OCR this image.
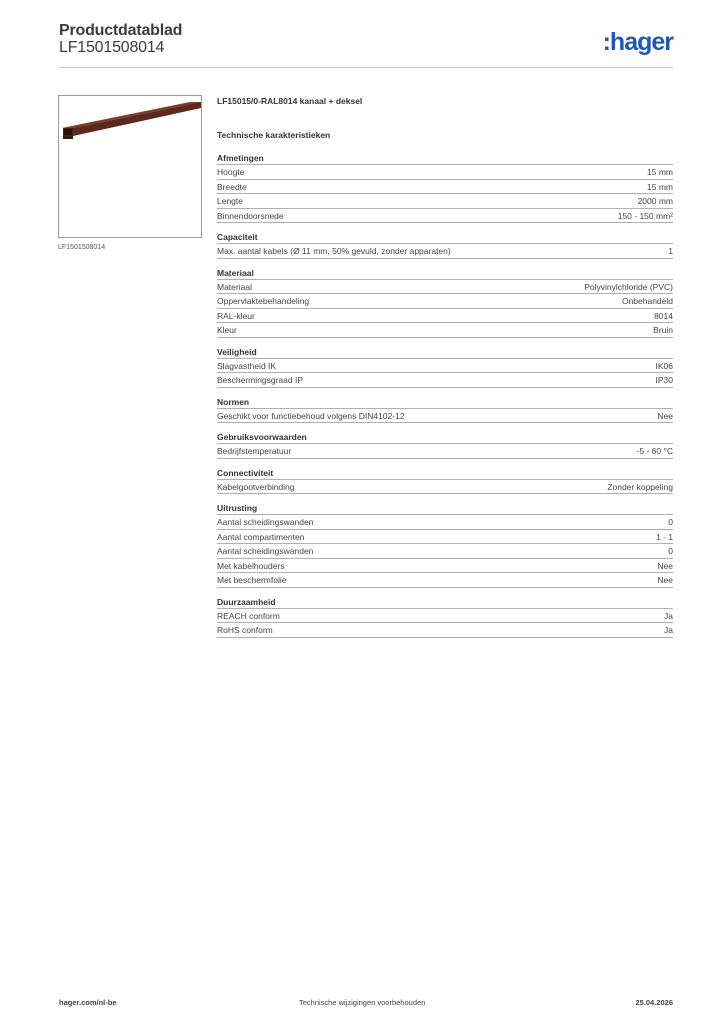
Productdatablad
LF1501508014	:hager
LF1501508014
LF15015/0-RAL8014 kanaal + deksel
Technische karakteristieken
Afmetingen
Hoogte	15 mm
Breedte	15 mm
Lengte	2000 mm
Binnendoorsnede	150 - 150 mm²
Capaciteit
Max. aantal kabels (Ø 11 mm, 50% gevuld, zonder apparaten)	1
Materiaal
Materiaal	Polyvinylchloride (PVC)
Oppervlaktebehandeling	Onbehandeld
RAL-kleur	8014
Kleur	Bruin
Veiligheid
Slagvastheid IK	IK06
Beschermingsgraad IP	IP30
Normen
Geschikt voor functiebehoud volgens DIN4102-12	Nee
Gebruiksvoorwaarden
Bedrijfstemperatuur	-5 - 60 °C
Connectiviteit
Kabelgootverbinding	Zonder koppeling
Uitrusting
Aantal scheidingswanden	0
Aantal compartimenten	1 - 1
Aantal scheidingswanden	0
Met kabelhouders	Nee
Met beschermfolie	Nee
Duurzaamheid
REACH conform	Ja
RoHS conform	Ja
hager.com/nl-be	Technische wijzigingen voorbehouden	25.04.2026
